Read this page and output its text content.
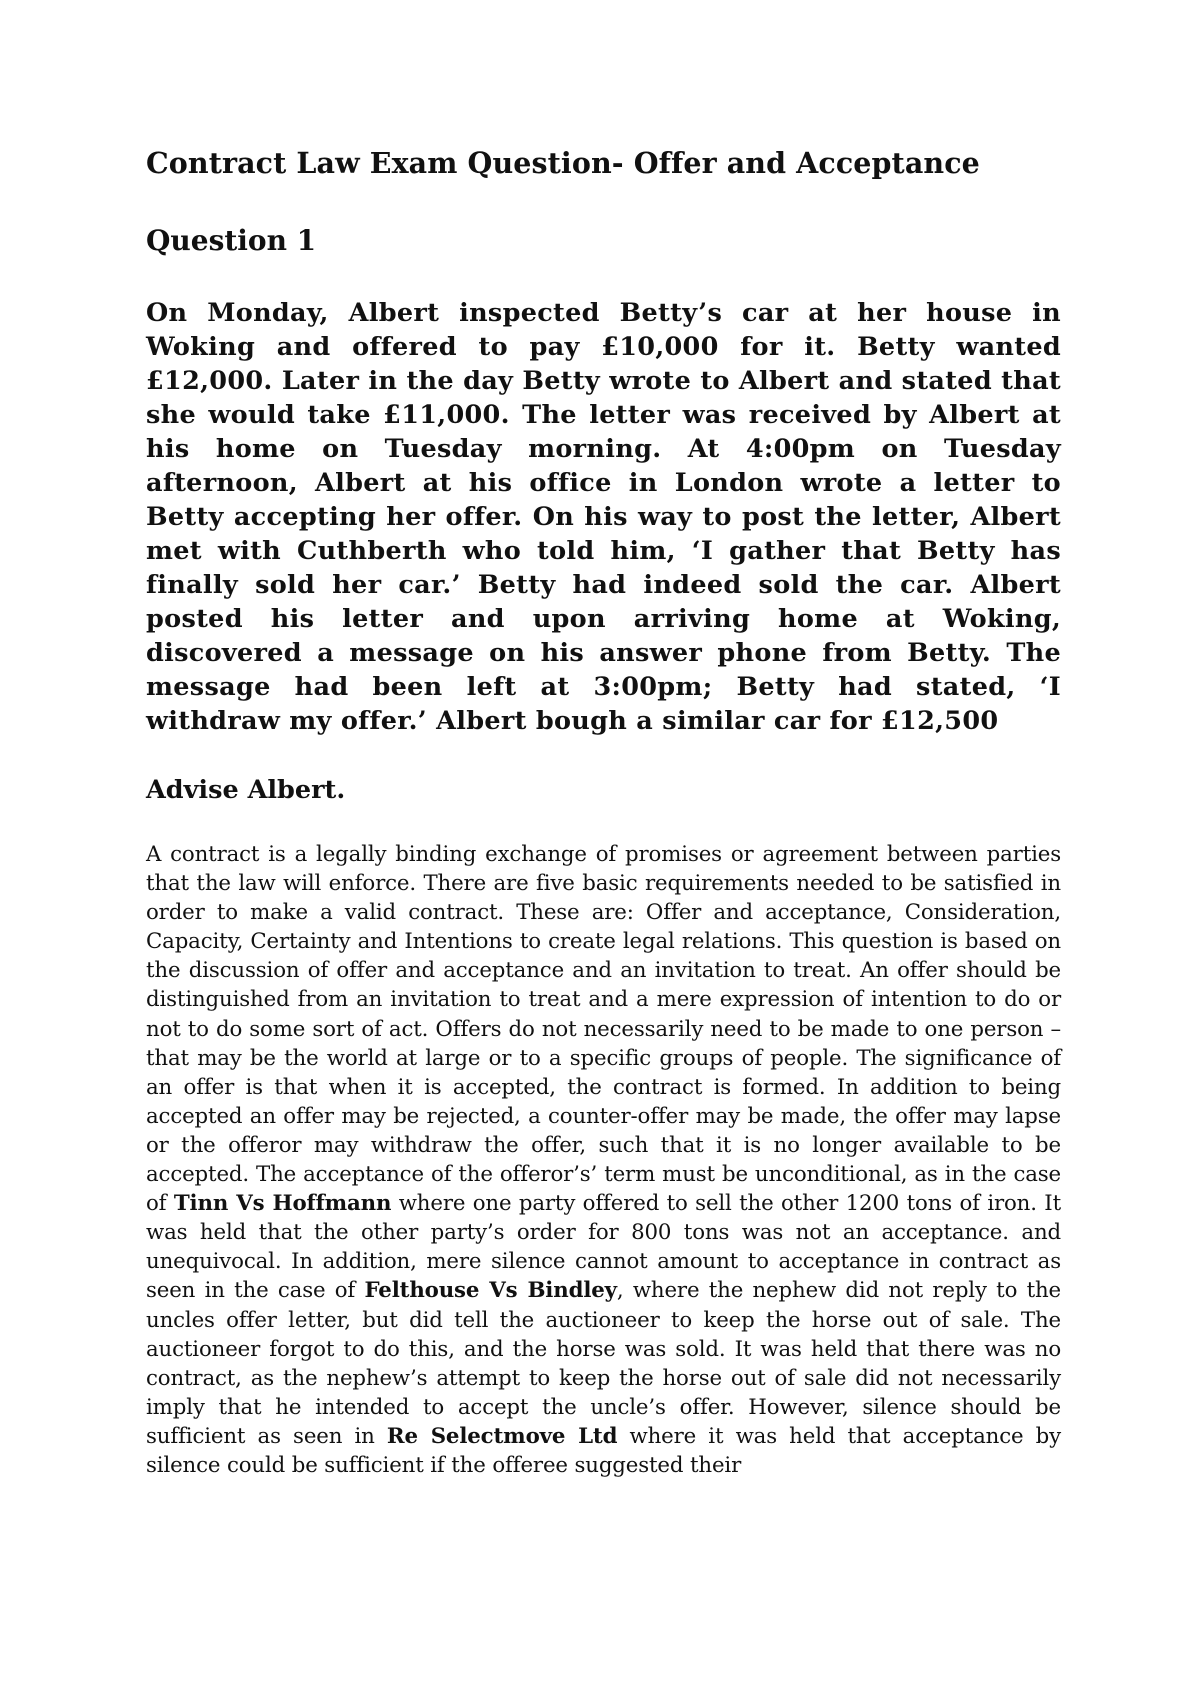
Contract Law Exam Question- Offer and Acceptance
Question 1

On Monday, Albert inspected Betty’s car at her house in Woking and offered to pay £10,000 for it. Betty wanted £12,000. Later in the day Betty wrote to Albert and stated that she would take £11,000. The letter was received by Albert at his home on Tuesday morning. At 4:00pm on Tuesday afternoon, Albert at his office in London wrote a letter to Betty accepting her offer. On his way to post the letter, Albert met with Cuthberth who told him, ‘I gather that Betty has finally sold her car.’ Betty had indeed sold the car. Albert posted his letter and upon arriving home at Woking, discovered a message on his answer phone from Betty. The message had been left at 3:00pm; Betty had stated, ‘I withdraw my offer.’ Albert bough a similar car for £12,500

Advise Albert.

A contract is a legally binding exchange of promises or agreement between parties that the law will enforce. There are five basic requirements needed to be satisfied in order to make a valid contract. These are: Offer and acceptance, Consideration, Capacity, Certainty and Intentions to create legal relations. This question is based on the discussion of offer and acceptance and an invitation to treat. An offer should be distinguished from an invitation to treat and a mere expression of intention to do or not to do some sort of act. Offers do not necessarily need to be made to one person – that may be the world at large or to a specific groups of people. The significance of an offer is that when it is accepted, the contract is formed. In addition to being accepted an offer may be rejected, a counter-offer may be made, the offer may lapse or the offeror may withdraw the offer, such that it is no longer available to be accepted. The acceptance of the offeror’s’ term must be unconditional, as in the case of Tinn Vs Hoffmann where one party offered to sell the other 1200 tons of iron. It was held that the other party’s order for 800 tons was not an acceptance. and unequivocal. In addition, mere silence cannot amount to acceptance in contract as seen in the case of Felthouse Vs Bindley, where the nephew did not reply to the uncles offer letter, but did tell the auctioneer to keep the horse out of sale. The auctioneer forgot to do this, and the horse was sold. It was held that there was no contract, as the nephew’s attempt to keep the horse out of sale did not necessarily imply that he intended to accept the uncle’s offer. However, silence should be sufficient as seen in Re Selectmove Ltd where it was held that acceptance by silence could be sufficient if the offeree suggested their
